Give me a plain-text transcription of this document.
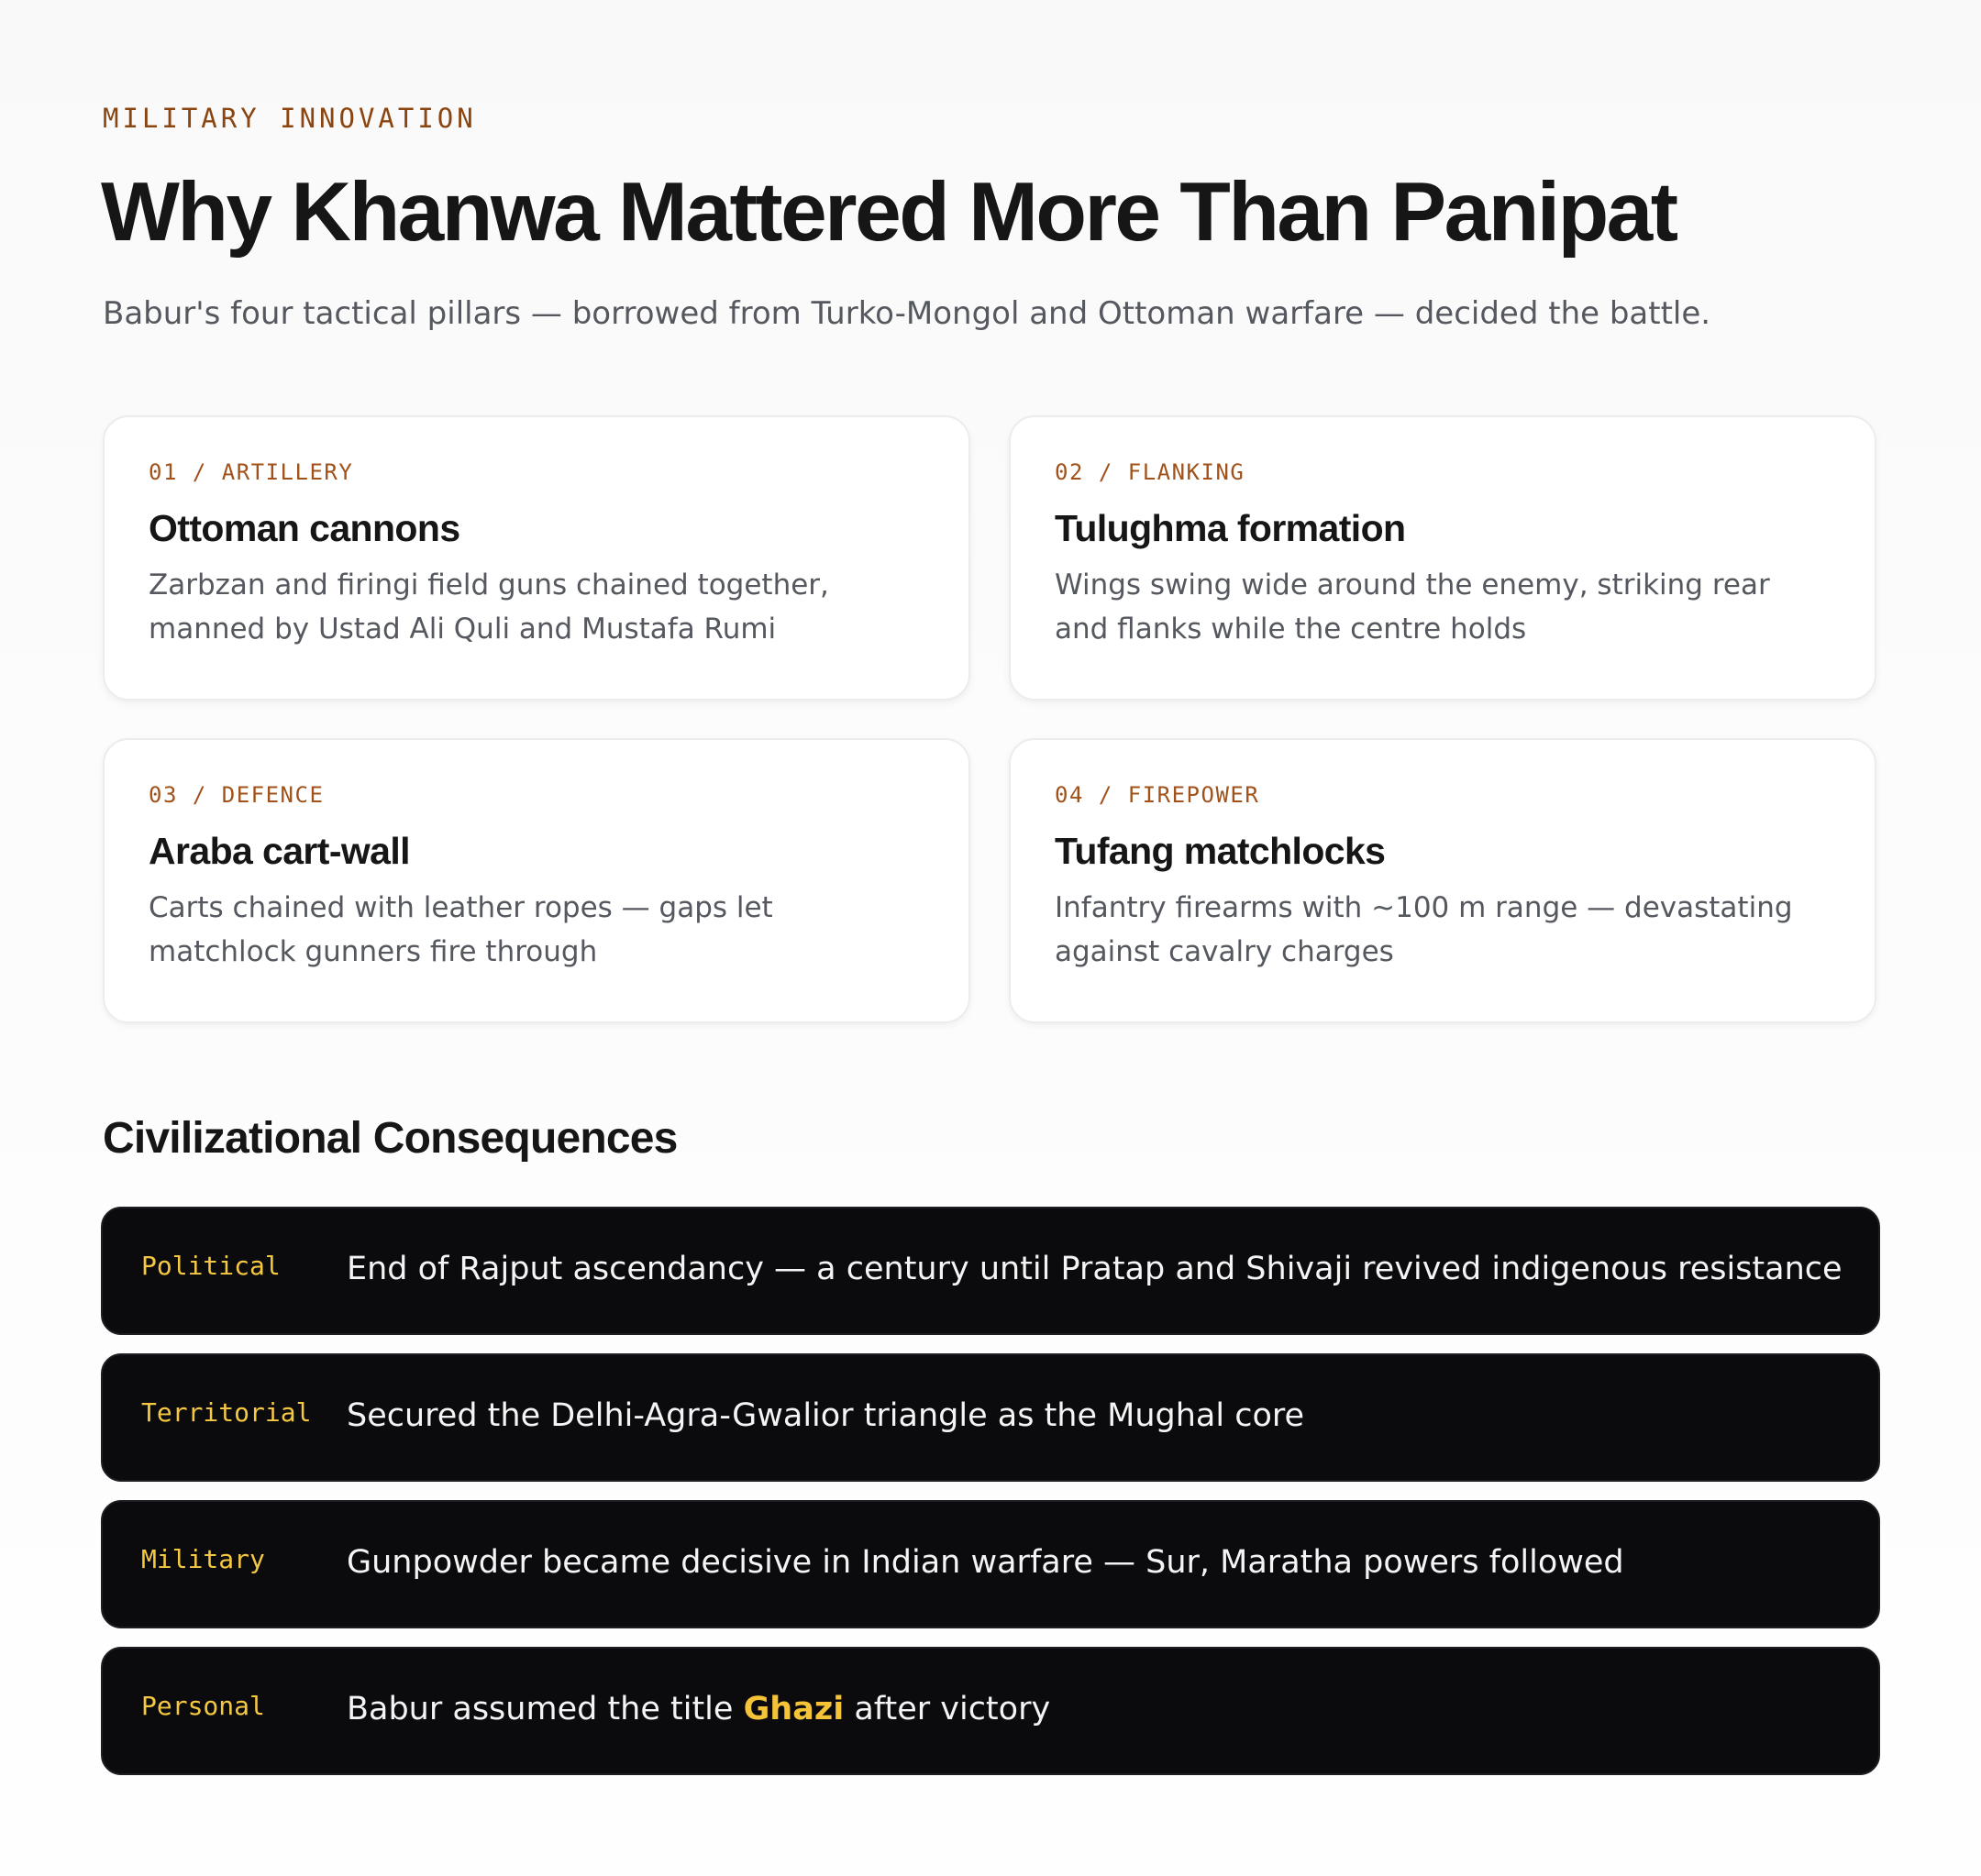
MILITARY INNOVATION
Why Khanwa Mattered More Than Panipat
Babur's four tactical pillars — borrowed from Turko-Mongol and Ottoman warfare — decided the battle.
01 / ARTILLERY
Ottoman cannons
Zarbzan and firingi field guns chained together, manned by Ustad Ali Quli and Mustafa Rumi
02 / FLANKING
Tulughma formation
Wings swing wide around the enemy, striking rear and flanks while the centre holds
03 / DEFENCE
Araba cart-wall
Carts chained with leather ropes — gaps let matchlock gunners fire through
04 / FIREPOWER
Tufang matchlocks
Infantry firearms with ~100 m range — devastating against cavalry charges
Civilizational Consequences
Political End of Rajput ascendancy — a century until Pratap and Shivaji revived indigenous resistance
Territorial Secured the Delhi-Agra-Gwalior triangle as the Mughal core
Military	Gunpowder became decisive in Indian warfare — Sur, Maratha powers followed
Personal	Babur assumed the title Ghazi after victory
